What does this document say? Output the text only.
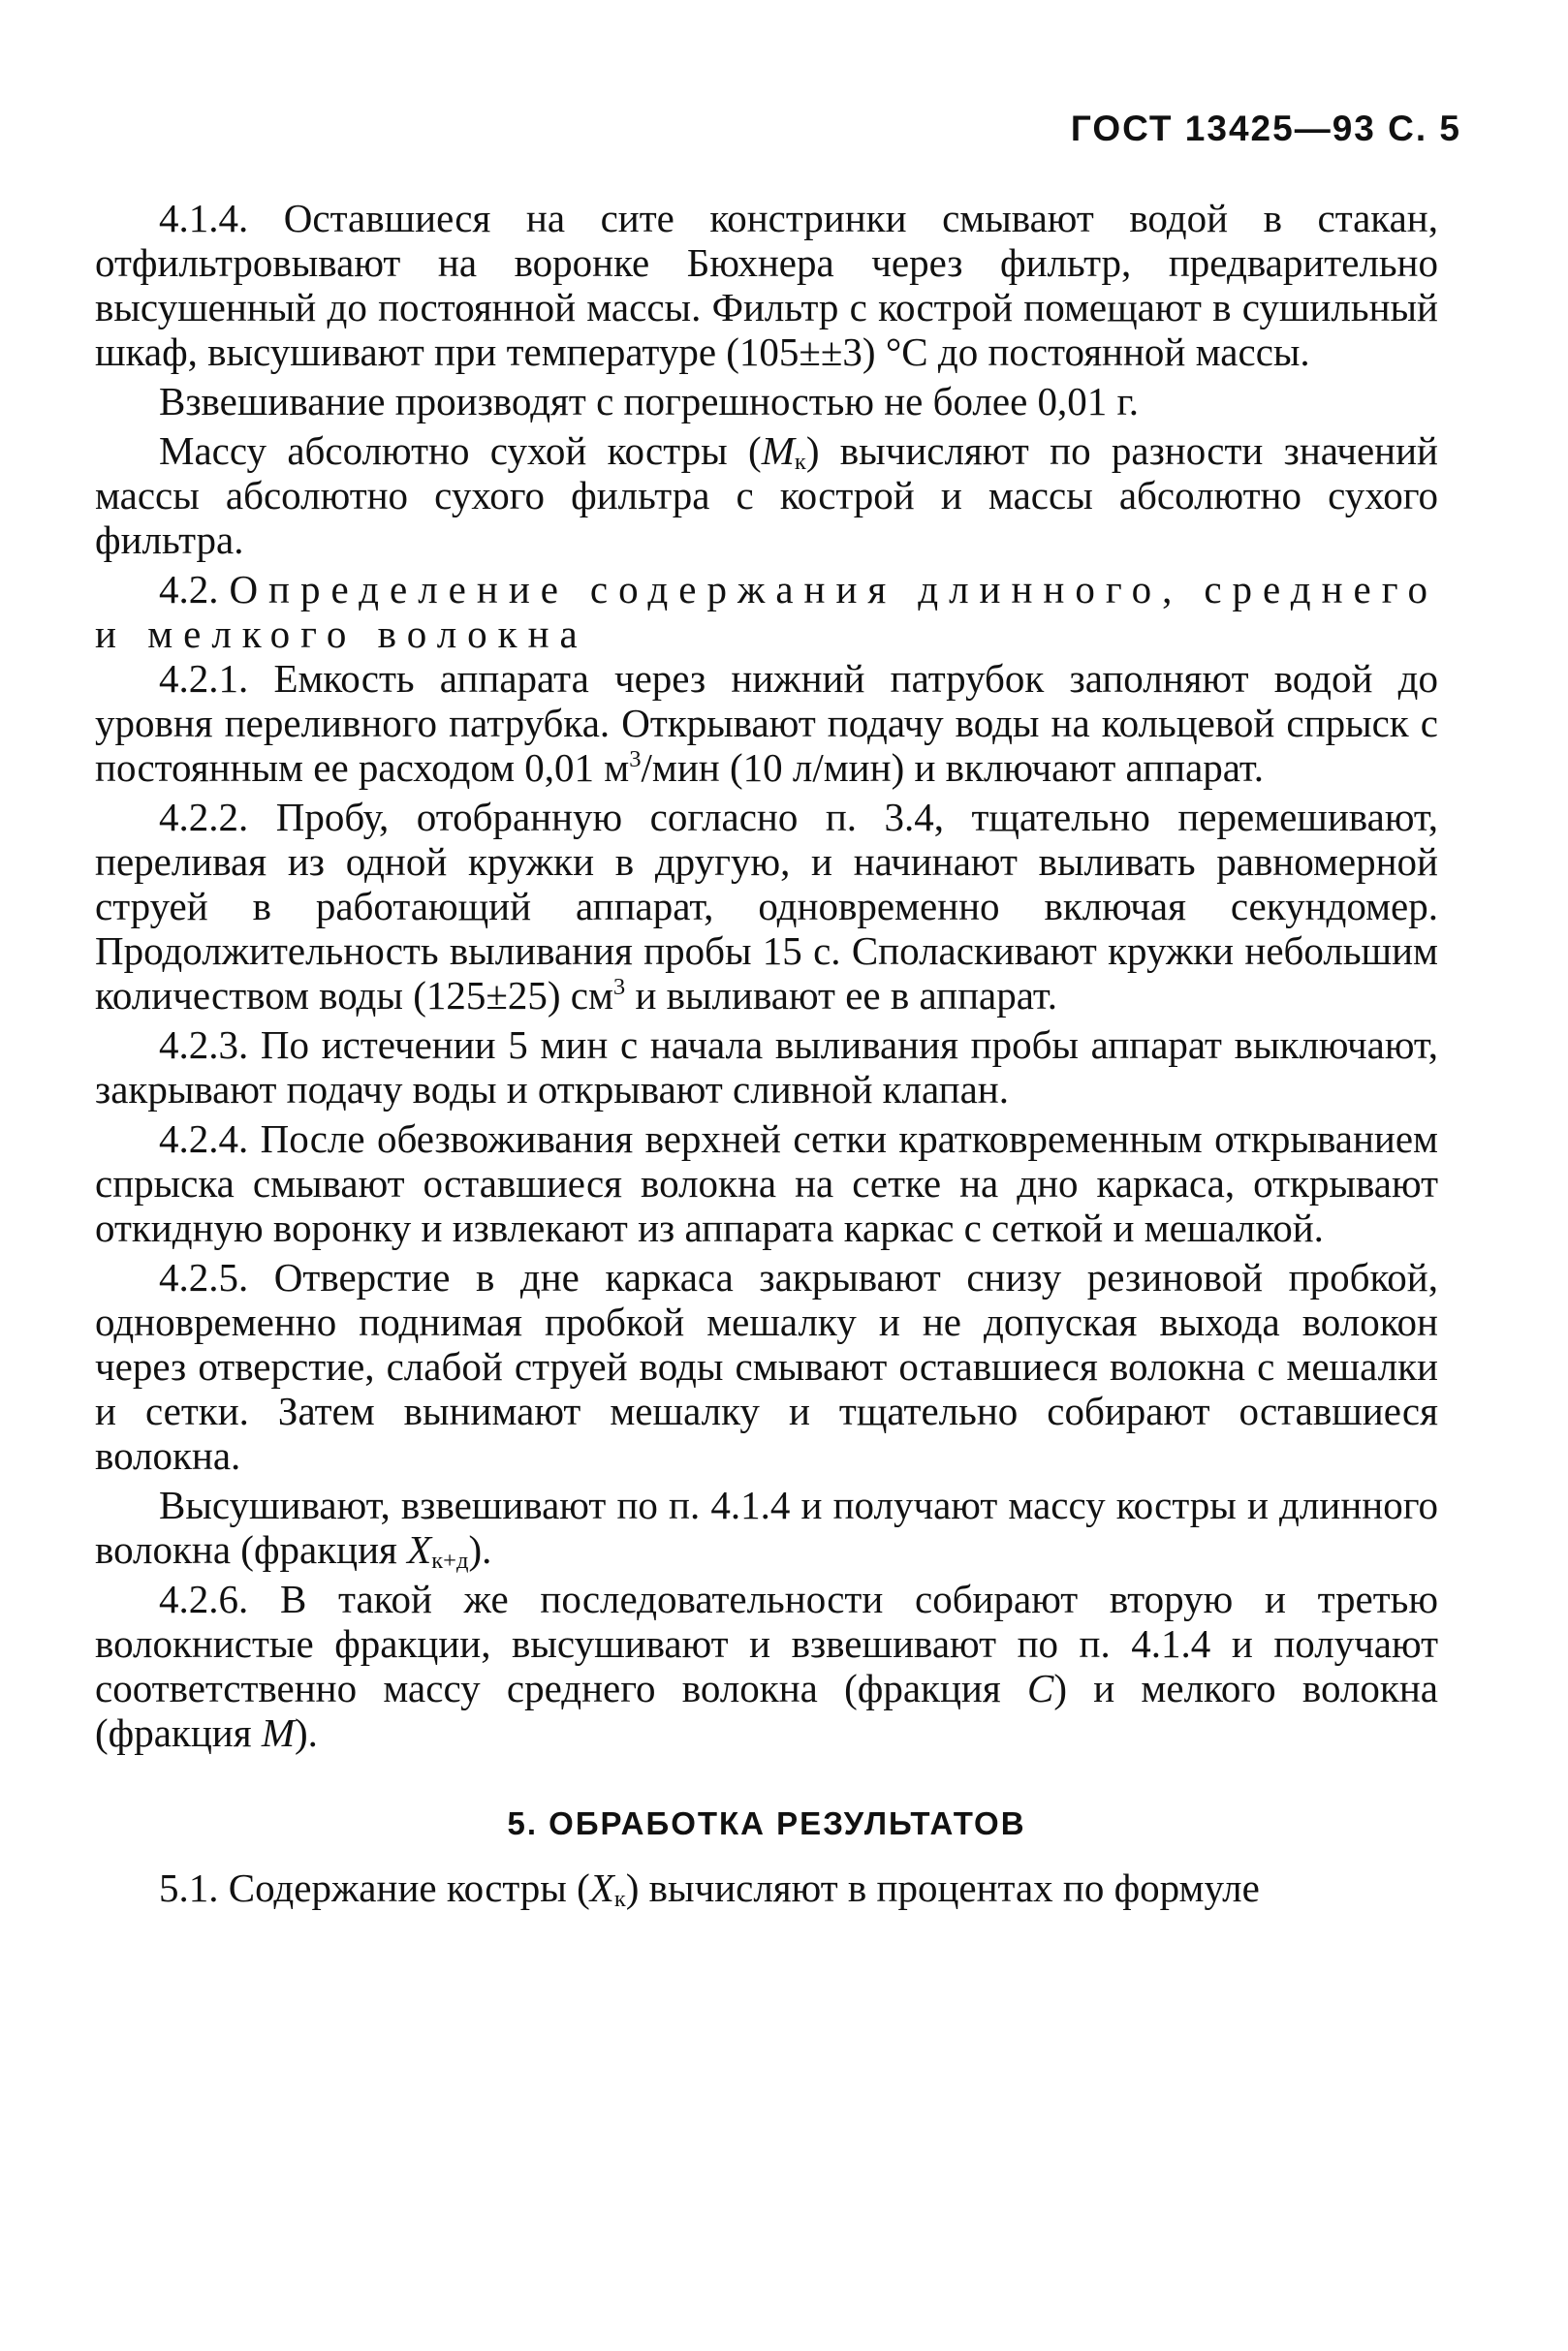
ГОСТ 13425—93 С. 5

4.1.4. Оставшиеся на сите констринки смывают водой в стакан, отфильтровывают на воронке Бюхнера через фильтр, предварительно высушенный до постоянной массы. Фильтр с кострой помещают в сушильный шкаф, высушивают при температуре (105±±3) °С до постоянной массы.

Взвешивание производят с погрешностью не более 0,01 г.

Массу абсолютно сухой костры $(М_к)$ вычисляют по разности значений массы абсолютно сухого фильтра с кострой и массы абсолютно сухого фильтра.

4.2. Определение содержания длинного, среднего и мелкого волокна

4.2.1. Емкость аппарата через нижний патрубок заполняют водой до уровня переливного патрубка. Открывают подачу воды на кольцевой спрыск с постоянным ее расходом 0,01 $м^3$/мин (10 л/мин) и включают аппарат.

4.2.2. Пробу, отобранную согласно п. 3.4, тщательно перемешивают, переливая из одной кружки в другую, и начинают выливать равномерной струей в работающий аппарат, одновременно включая секундомер. Продолжительность выливания пробы 15 с. Споласкивают кружки небольшим количеством воды (125±25) $см^3$ и выливают ее в аппарат.

4.2.3. По истечении 5 мин с начала выливания пробы аппарат выключают, закрывают подачу воды и открывают сливной клапан.

4.2.4. После обезвоживания верхней сетки кратковременным открыванием спрыска смывают оставшиеся волокна на сетке на дно каркаса, открывают откидную воронку и извлекают из аппарата каркас с сеткой и мешалкой.

4.2.5. Отверстие в дне каркаса закрывают снизу резиновой пробкой, одновременно поднимая пробкой мешалку и не допуская выхода волокон через отверстие, слабой струей воды смывают оставшиеся волокна с мешалки и сетки. Затем вынимают мешалку и тщательно собирают оставшиеся волокна.

Высушивают, взвешивают по п. 4.1.4 и получают массу костры и длинного волокна (фракция $Х_{к+д}$).

4.2.6. В такой же последовательности собирают вторую и третью волокнистые фракции, высушивают и взвешивают по п. 4.1.4 и получают соответственно массу среднего волокна (фракция С) и мелкого волокна (фракция М).

5. ОБРАБОТКА РЕЗУЛЬТАТОВ

5.1. Содержание костры $(Х_к)$ вычисляют в процентах по формуле
